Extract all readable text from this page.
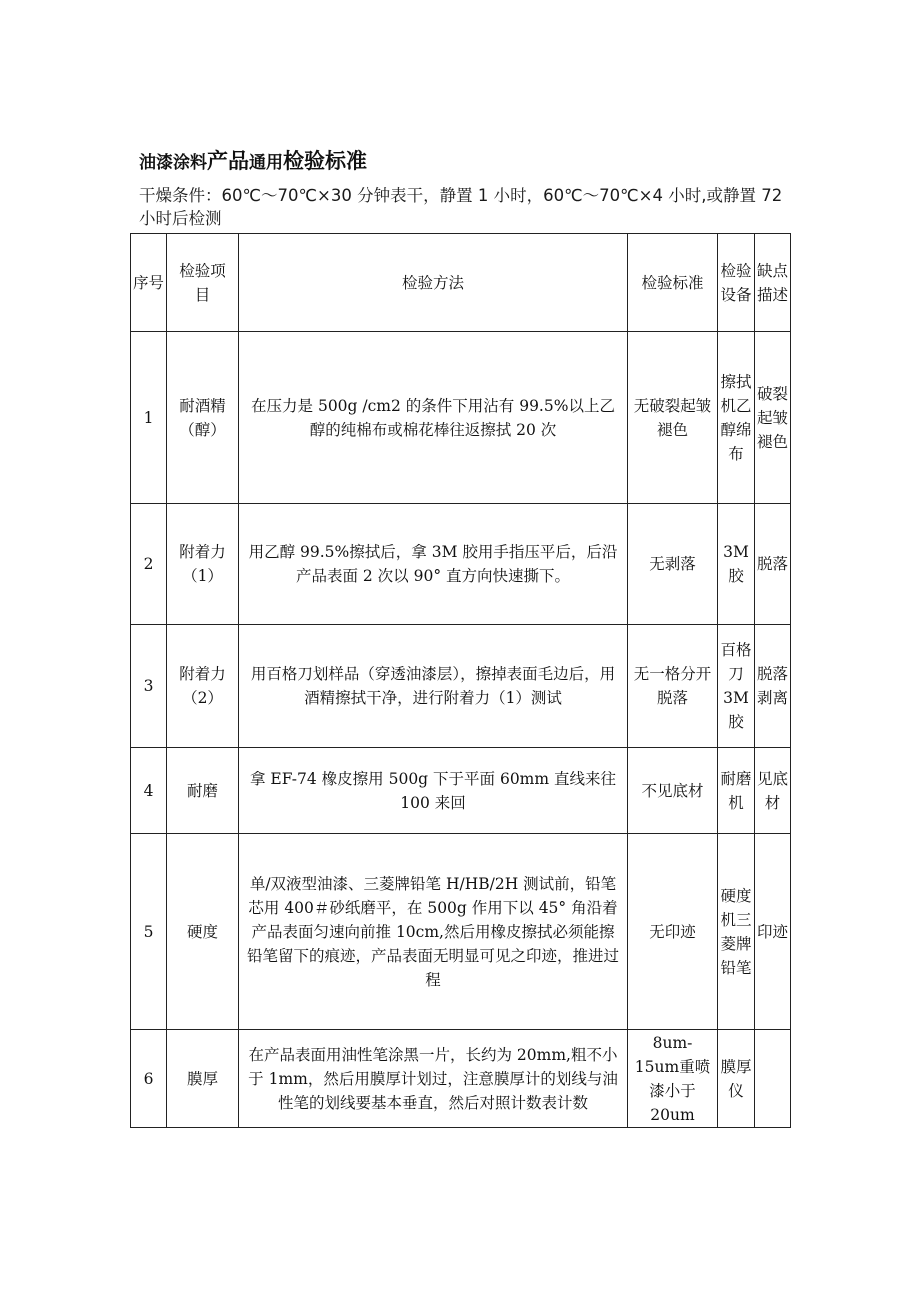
油漆涂料产品通用检验标准
干燥条件：60℃～70℃×30 分钟表干，静置 1 小时，60℃～70℃×4 小时,或静置 72 小时后检测
序号	检验项目	检验方法	检验标准	检验设备	缺点描述
1	耐酒精（醇）	在压力是 500g /cm2 的条件下用沾有 99.5%以上乙醇的纯棉布或棉花棒往返擦拭 20 次	无破裂起皱褪色	擦拭机乙醇绵布	破裂起皱褪色
2	附着力（1）	用乙醇 99.5%擦拭后，拿 3M 胶用手指压平后，后沿产品表面 2 次以 90° 直方向快速撕下。	无剥落	3M胶	脱落
3	附着力（2）	用百格刀划样品（穿透油漆层），擦掉表面毛边后，用酒精擦拭干净，进行附着力（1）测试	无一格分开脱落	百格刀3M胶	脱落剥离
4	耐磨	拿 EF-74 橡皮擦用 500g 下于平面 60mm 直线来往 100 来回	不见底材	耐磨机	见底材
5	硬度	单/双液型油漆、三菱牌铅笔 H/HB/2H 测试前，铅笔芯用 400＃砂纸磨平，在 500g 作用下以 45° 角沿着产品表面匀速向前推 10cm,然后用橡皮擦拭必须能擦铅笔留下的痕迹，产品表面无明显可见之印迹，推进过程	无印迹	硬度机三菱牌铅笔	印迹
6	膜厚	在产品表面用油性笔涂黑一片，长约为 20mm,粗不小于 1mm，然后用膜厚计划过，注意膜厚计的划线与油性笔的划线要基本垂直，然后对照计数表计数	8um-15um重喷漆小于 20um	膜厚仪	
